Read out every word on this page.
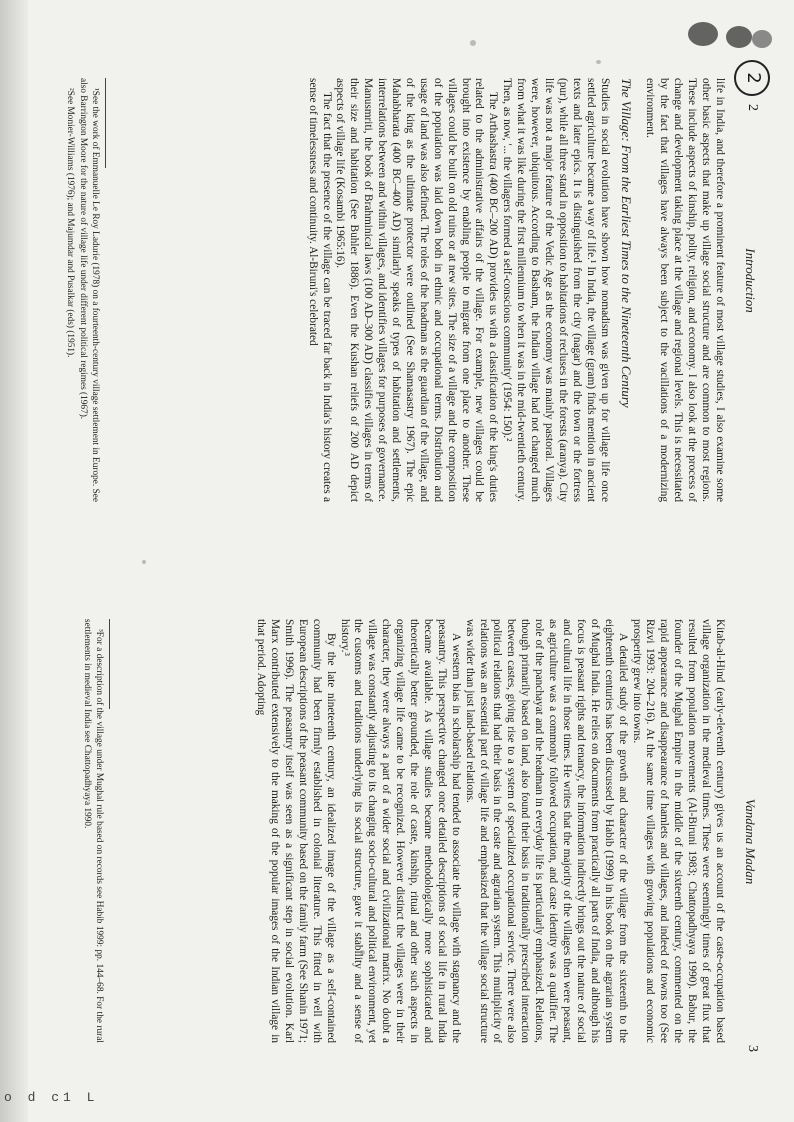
o d c1 L
2
2
Introduction

life in India, and therefore a prominent feature of most village studies, I also examine some other basic aspects that make up village social structure and are common to most regions. These include aspects of kinship, polity, religion, and economy. I also look at the process of change and development taking place at the village and regional levels. This is necessitated by the fact that villages have always been subject to the vacillations of a modernizing environment.

The Village: From the Earliest Times to the Nineteenth Century

Studies in social evolution have shown how nomadism was given up for village life once settled agriculture became a way of life.¹ In India, the village (gram) finds mention in ancient texts and later epics. It is distinguished from the city (nagar) and the town or the fortress (pur), while all three stand in opposition to habitations of recluses in the forests (aranya). City life was not a major feature of the Vedic Age as the economy was mainly pastoral. Villages were, however, ubiquitous. According to Basham, the Indian village had not changed much from what it was like during the first millennium to when it was in the mid-twentieth century. Then, as now, '... the villagers formed a self-conscious community' (1954: 150).²

The Arthashastra (400 BC–200 AD) provides us with a classification of the king's duties related to the administrative affairs of the village. For example, new villages could be brought into existence by enabling people to migrate from one place to another. These villages could be built on old ruins or at new sites. The size of a village and the composition of the population was laid down both in ethnic and occupational terms. Distribution and usage of land was also defined. The roles of the headman as the guardian of the village, and of the king as the ultimate protector were outlined (See Shamasastry 1967). The epic Mahabharata (400 BC–400 AD) similarly speaks of types of habitation and settlements, interrelations between and within villages, and identifies villages for purposes of governance. Manusmriti, the book of Brahminical laws (100 AD–300 AD) classifies villages in terms of their size and habitation (See Buhler 1886). Even the Kushan reliefs of 200 AD depict aspects of village life (Kosambi 1965:16).

The fact that the presence of the village can be traced far back in India's history creates a sense of timelessness and continuity. Al-Biruni's celebrated

¹See the work of Emmanuelle Le Roy Ladurie (1978) on a fourteenth-century village settlement in Europe. See also Barrington Moore for the nature of village life under different political regimes (1967).

²See Monier-Williams (1976); and Majumdar and Pusalkar (eds) (1951).

Vandana Madan
3

Kitab-al-Hind (early-eleventh century) gives us an account of the caste-occupation based village organization in the medieval times. These were seemingly times of great flux that resulted from population movements (Al-Biruni 1983; Chattopadhyaya 1990). Babur, the founder of the Mughal Empire in the middle of the sixteenth century, commented on the rapid appearance and disappearance of hamlets and villages, and indeed of towns too (See Rizvi 1993: 204–216). At the same time villages with growing populations and economic prosperity grew into towns.

A detailed study of the growth and character of the village from the sixteenth to the eighteenth centuries has been discussed by Habib (1999) in his book on the agrarian system of Mughal India. He relies on documents from practically all parts of India, and although his focus is peasant rights and tenancy, the information indirectly brings out the nature of social and cultural life in those times. He writes that the majority of the villages then were peasant, as agriculture was a commonly followed occupation, and caste identity was a qualifier. The role of the panchayat and the headman in everyday life is particularly emphasized. Relations, though primarily based on land, also found their basis in traditionally prescribed interaction between castes, giving rise to a system of specialized occupational service. There were also political relations that had their basis in the caste and agrarian system. This multiplicity of relations was an essential part of village life and emphasized that the village social structure was wider than just land-based relations.

A western bias in scholarship had tended to associate the village with stagnancy and the peasantry. This perspective changed once detailed descriptions of social life in rural India became available. As village studies became methodologically more sophisticated and theoretically better grounded, the role of caste, kinship, ritual and other such aspects in organizing village life came to be recognized. However distinct the villages were in their character, they were always a part of a wider social and civilizational matrix. No doubt a village was constantly adjusting to its changing socio-cultural and political environment, yet the customs and traditions underlying its social structure, gave it stability and a sense of history.³

By the late nineteenth century, an idealized image of the village as a self-contained community had been firmly established in colonial literature. This fitted in well with European descriptions of the peasant community based on the family farm (See Shanin 1971; Smith 1996). The peasantry itself was seen as a significant step in social evolution. Karl Marx contributed extensively to the making of the popular images of the Indian village in that period. Adopting

³For a description of the village under Mughal rule based on records see Habib 1999: pp. 144–68. For the rural settlements in medieval India see Chattopadhyaya 1990.
